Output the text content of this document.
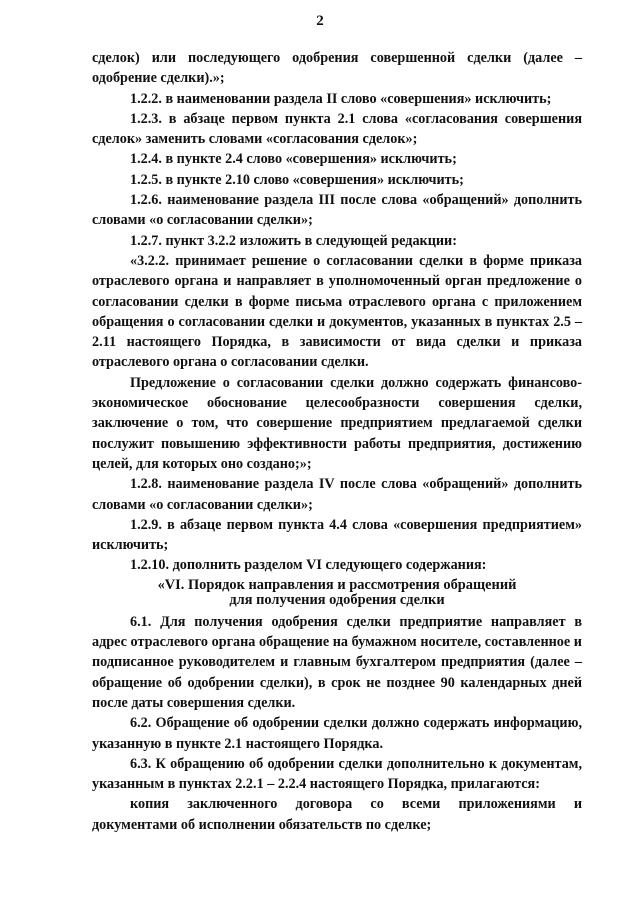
2

сделок) или последующего одобрения совершенной сделки (далее – одобрение сделки).»;

1.2.2. в наименовании раздела II слово «совершения» исключить;

1.2.3. в абзаце первом пункта 2.1 слова «согласования совершения сделок» заменить словами «согласования сделок»;

1.2.4. в пункте 2.4 слово «совершения» исключить;

1.2.5. в пункте 2.10 слово «совершения» исключить;

1.2.6. наименование раздела III после слова «обращений» дополнить словами «о согласовании сделки»;

1.2.7. пункт 3.2.2 изложить в следующей редакции:

«3.2.2. принимает решение о согласовании сделки в форме приказа отраслевого органа и направляет в уполномоченный орган предложение о согласовании сделки в форме письма отраслевого органа с приложением обращения о согласовании сделки и документов, указанных в пунктах 2.5 – 2.11 настоящего Порядка, в зависимости от вида сделки и приказа отраслевого органа о согласовании сделки.

Предложение о согласовании сделки должно содержать финансово-экономическое обоснование целесообразности совершения сделки, заключение о том, что совершение предприятием предлагаемой сделки послужит повышению эффективности работы предприятия, достижению целей, для которых оно создано;»;

1.2.8. наименование раздела IV после слова «обращений» дополнить словами «о согласовании сделки»;

1.2.9. в абзаце первом пункта 4.4 слова «совершения предприятием» исключить;

1.2.10. дополнить разделом VI следующего содержания:

«VI. Порядок направления и рассмотрения обращений
для получения одобрения сделки

6.1. Для получения одобрения сделки предприятие направляет в адрес отраслевого органа обращение на бумажном носителе, составленное и подписанное руководителем и главным бухгалтером предприятия (далее – обращение об одобрении сделки), в срок не позднее 90 календарных дней после даты совершения сделки.

6.2. Обращение об одобрении сделки должно содержать информацию, указанную в пункте 2.1 настоящего Порядка.

6.3. К обращению об одобрении сделки дополнительно к документам, указанным в пунктах 2.2.1 – 2.2.4 настоящего Порядка, прилагаются:

копия заключенного договора со всеми приложениями и документами об исполнении обязательств по сделке;
